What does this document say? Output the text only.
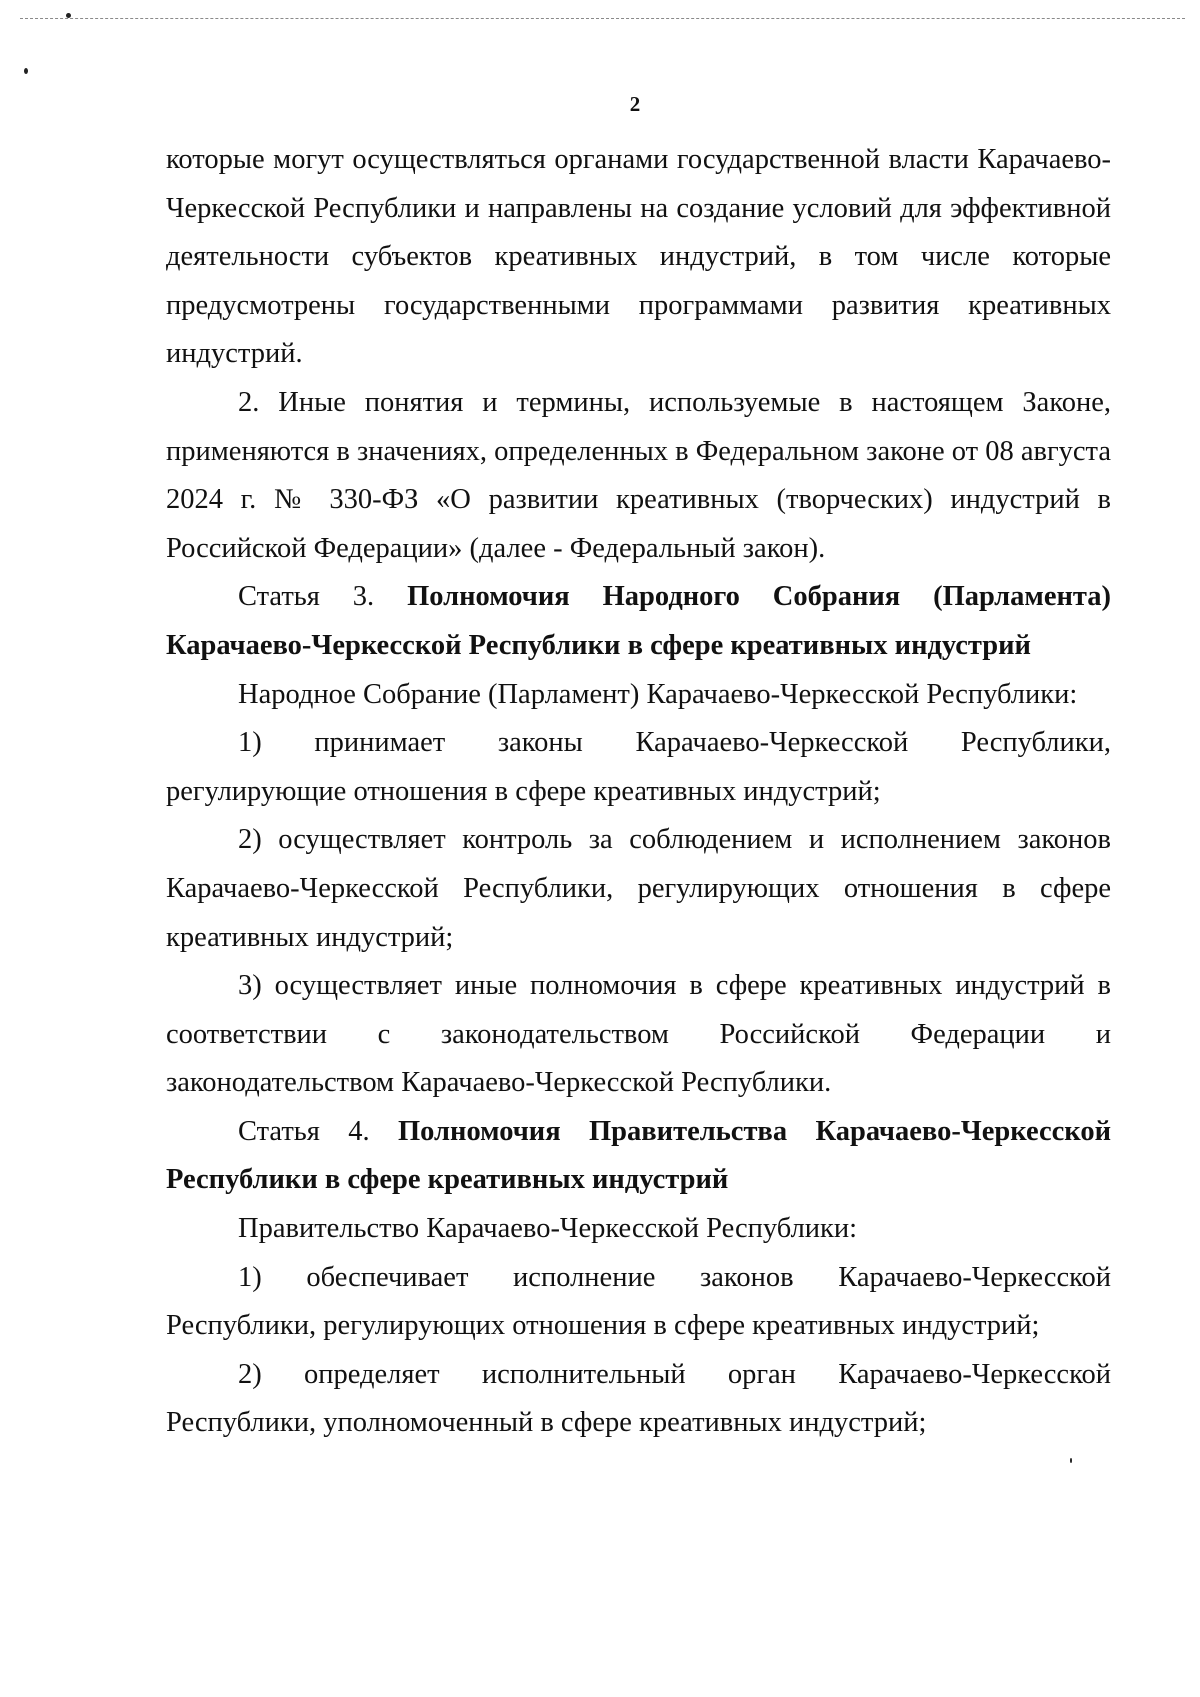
2

которые могут осуществляться органами государственной власти Карачаево-Черкесской Республики и направлены на создание условий для эффективной деятельности субъектов креативных индустрий, в том числе которые предусмотрены государственными программами развития креативных индустрий.

2. Иные понятия и термины, используемые в настоящем Законе, применяются в значениях, определенных в Федеральном законе от 08 августа 2024 г. № 330-ФЗ «О развитии креативных (творческих) индустрий в Российской Федерации» (далее - Федеральный закон).

Статья 3. Полномочия Народного Собрания (Парламента) Карачаево-Черкесской Республики в сфере креативных индустрий

Народное Собрание (Парламент) Карачаево-Черкесской Республики:

1) принимает законы Карачаево-Черкесской Республики, регулирующие отношения в сфере креативных индустрий;

2) осуществляет контроль за соблюдением и исполнением законов Карачаево-Черкесской Республики, регулирующих отношения в сфере креативных индустрий;

3) осуществляет иные полномочия в сфере креативных индустрий в соответствии с законодательством Российской Федерации и законодательством Карачаево-Черкесской Республики.

Статья 4. Полномочия Правительства Карачаево-Черкесской Республики в сфере креативных индустрий

Правительство Карачаево-Черкесской Республики:

1) обеспечивает исполнение законов Карачаево-Черкесской Республики, регулирующих отношения в сфере креативных индустрий;

2) определяет исполнительный орган Карачаево-Черкесской Республики, уполномоченный в сфере креативных индустрий;
